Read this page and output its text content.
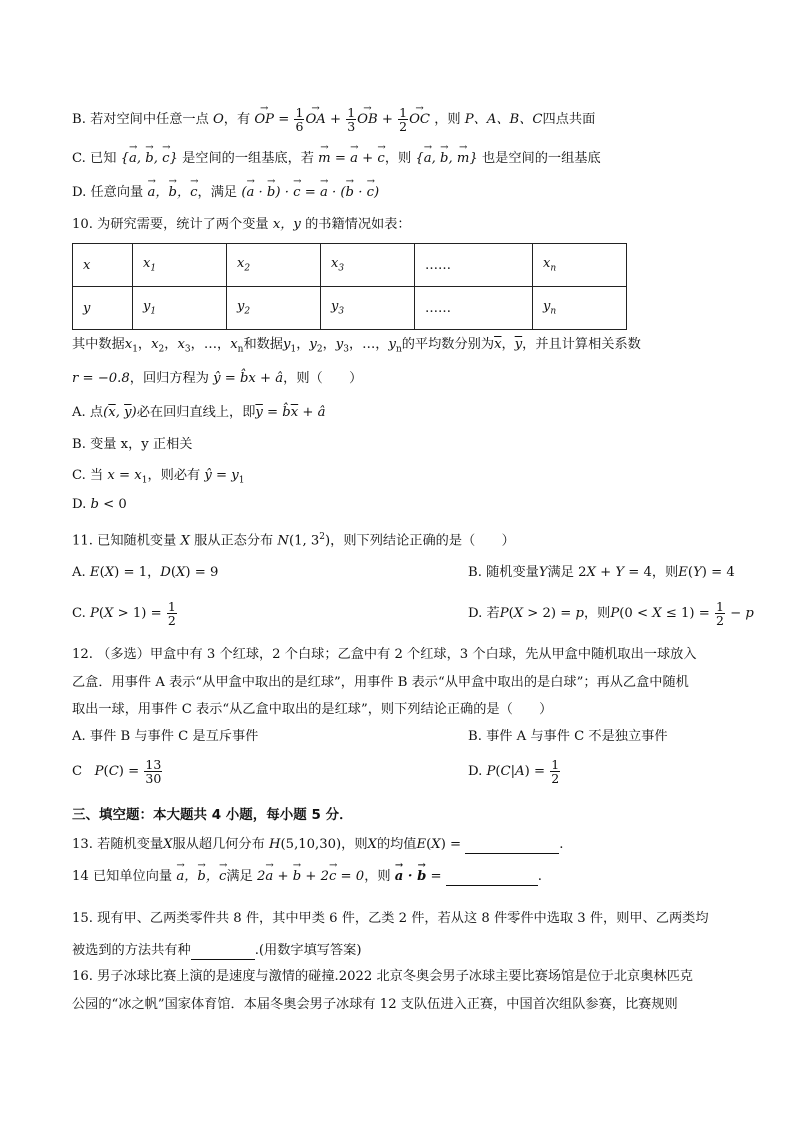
B. 若对空间中任意一点 O，有 → OP = $\frac{1}{6}$ → OA + $\frac{1}{3}$ → OB + $\frac{1}{2}$ → OC ，则 P、A、B、C四点共面
C. 已知 {→ a, → b, → c} 是空间的一组基底，若 → m = → a + → c，则 {→ a, → b, → m} 也是空间的一组基底
D. 任意向量 → a，→ b，→ c，满足 (→ a · → b) · → c = → a · (→ b · → c)
10. 为研究需要，统计了两个变量 x，y 的书籍情况如表：
x	$x_1$	$x_2$	$x_3$	……	$x_n$
y	$y_1$	$y_2$	$y_3$	……	$y_n$
其中数据$x_1$，$x_2$，$x_3$，…，$x_n$和数据$y_1$，$y_2$，$y_3$，…，$y_n$的平均数分别为$\overline{x}$，$\overline{y}$，并且计算相关系数
r = −0.8，回归方程为 ŷ = b̂x + â，则（　　）
A. 点($\overline{x}$, $\overline{y}$)必在回归直线上，即$\overline{y}$ = $b̂\overline{x}$ + â
B. 变量 x，y 正相关
C. 当 $x = x_1$，则必有 ŷ = $y_1$
D. b < 0
11. 已知随机变量 X 服从正态分布 N(1, $3^2$)，则下列结论正确的是（　　）
A. E(X) = 1，D(X) = 9	B. 随机变量Y满足 2X + Y = 4，则E(Y) = 4
C. $P(X > 1) = \frac{1}{2}$	D. 若P(X > 2) = p，则$P(0 < X \le 1) = \frac{1}{2} - p$
12. （多选）甲盒中有 3 个红球，2 个白球；乙盒中有 2 个红球，3 个白球，先从甲盒中随机取出一球放入
乙盒．用事件 A 表示“从甲盒中取出的是红球”，用事件 B 表示“从甲盒中取出的是白球”；再从乙盒中随机
取出一球，用事件 C 表示“从乙盒中取出的是红球”，则下列结论正确的是（　　）
A. 事件 B 与事件 C 是互斥事件	B. 事件 A 与事件 C 不是独立事件
C $P(C) = \frac{13}{30}$	D. $P(C|A) = \frac{1}{2}$
三、填空题：本大题共 4 小题，每小题 5 分．
13. 若随机变量X服从超几何分布 H(5,10,30)，则X的均值E(X) =	.
14 已知单位向量 → a，→ b，→ c满足 2→ a + → b + 2→ c = 0，则 → a · → b =	.
15. 现有甲、乙两类零件共 8 件，其中甲类 6 件，乙类 2 件，若从这 8 件零件中选取 3 件，则甲、乙两类均
被选到的方法共有种	.(用数字填写答案)
16. 男子冰球比赛上演的是速度与激情的碰撞.2022 北京冬奥会男子冰球主要比赛场馆是位于北京奥林匹克
公园的“冰之帆”国家体育馆．本届冬奥会男子冰球有 12 支队伍进入正赛，中国首次组队参赛，比赛规则
